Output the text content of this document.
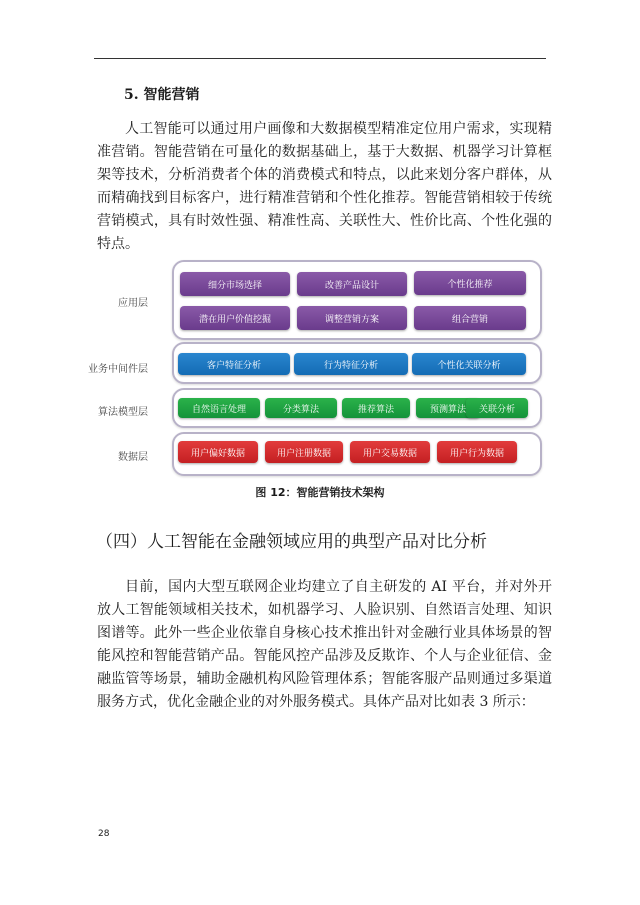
5. 智能营销

人工智能可以通过用户画像和大数据模型精准定位用户需求，实现精准营销。智能营销在可量化的数据基础上，基于大数据、机器学习计算框架等技术，分析消费者个体的消费模式和特点，以此来划分客户群体，从而精确找到目标客户，进行精准营销和个性化推荐。智能营销相较于传统营销模式，具有时效性强、精准性高、关联性大、性价比高、个性化强的特点。

应用层
细分市场选择	改善产品设计	个性化推荐
潜在用户价值挖掘	调整营销方案	组合营销
业务中间件层	客户特征分析	行为特征分析	个性化关联分析
算法模型层	自然语言处理	分类算法	推荐算法	预测算法	关联分析
数据层	用户偏好数据	用户注册数据	用户交易数据	用户行为数据
图 12：智能营销技术架构
（四）人工智能在金融领域应用的典型产品对比分析

目前，国内大型互联网企业均建立了自主研发的 AI 平台，并对外开放人工智能领域相关技术，如机器学习、人脸识别、自然语言处理、知识图谱等。此外一些企业依靠自身核心技术推出针对金融行业具体场景的智能风控和智能营销产品。智能风控产品涉及反欺诈、个人与企业征信、金融监管等场景，辅助金融机构风险管理体系；智能客服产品则通过多渠道服务方式，优化金融企业的对外服务模式。具体产品对比如表 3 所示：

28
